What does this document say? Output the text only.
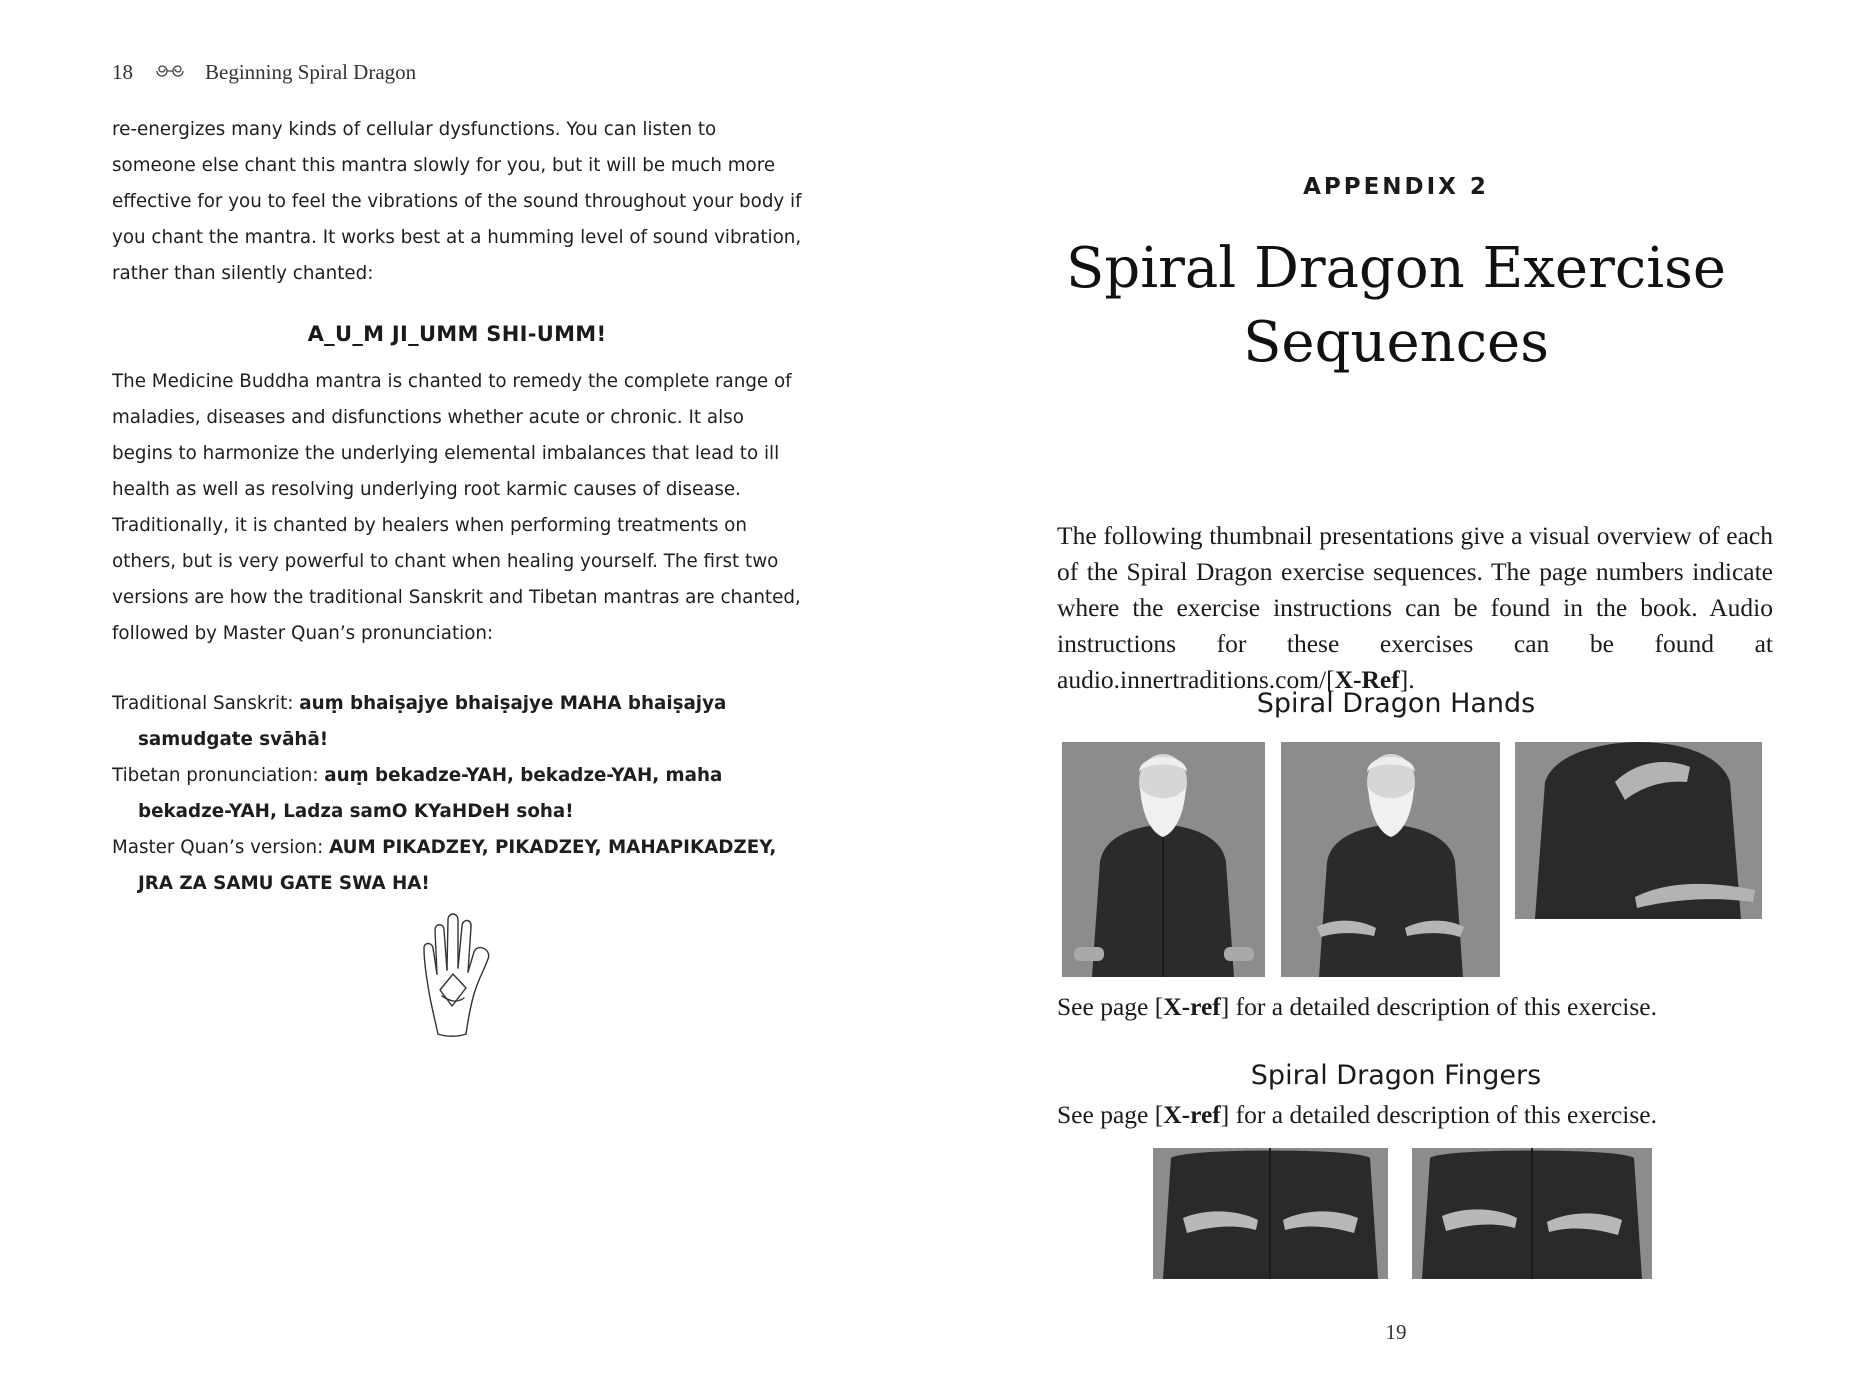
18	Beginning Spiral Dragon

re-energizes many kinds of cellular dysfunctions. You can listen to someone else chant this mantra slowly for you, but it will be much more effective for you to feel the vibrations of the sound throughout your body if you chant the mantra. It works best at a humming level of sound vibration, rather than silently chanted:

A_U_M JI_UMM SHI-UMM!

The Medicine Buddha mantra is chanted to remedy the complete range of maladies, diseases and disfunctions whether acute or chronic. It also begins to harmonize the underlying elemental imbalances that lead to ill health as well as resolving underlying root karmic causes of disease. Traditionally, it is chanted by healers when performing treatments on others, but is very powerful to chant when healing yourself. The first two versions are how the traditional Sanskrit and Tibetan mantras are chanted, followed by Master Quan’s pronunciation:

Traditional Sanskrit: auṃ bhaiṣajye bhaiṣajye MAHA bhaiṣajya samudgate svāhā!

Tibetan pronunciation: auṃ bekadze-YAH, bekadze-YAH, maha bekadze-YAH, Ladza samO KYaHDeH soha!

Master Quan’s version: AUM PIKADZEY, PIKADZEY, MAHAPIKADZEY, JRA ZA SAMU GATE SWA HA!

APPENDIX 2
Spiral Dragon Exercise
Sequences

The following thumbnail presentations give a visual overview of each of the Spiral Dragon exercise sequences. The page numbers indicate where the exercise instructions can be found in the book. Audio instructions for these exercises can be found at audio.innertraditions.com/[X-Ref].

Spiral Dragon Hands
See page [X-ref] for a detailed description of this exercise.
Spiral Dragon Fingers
See page [X-ref] for a detailed description of this exercise.
19
